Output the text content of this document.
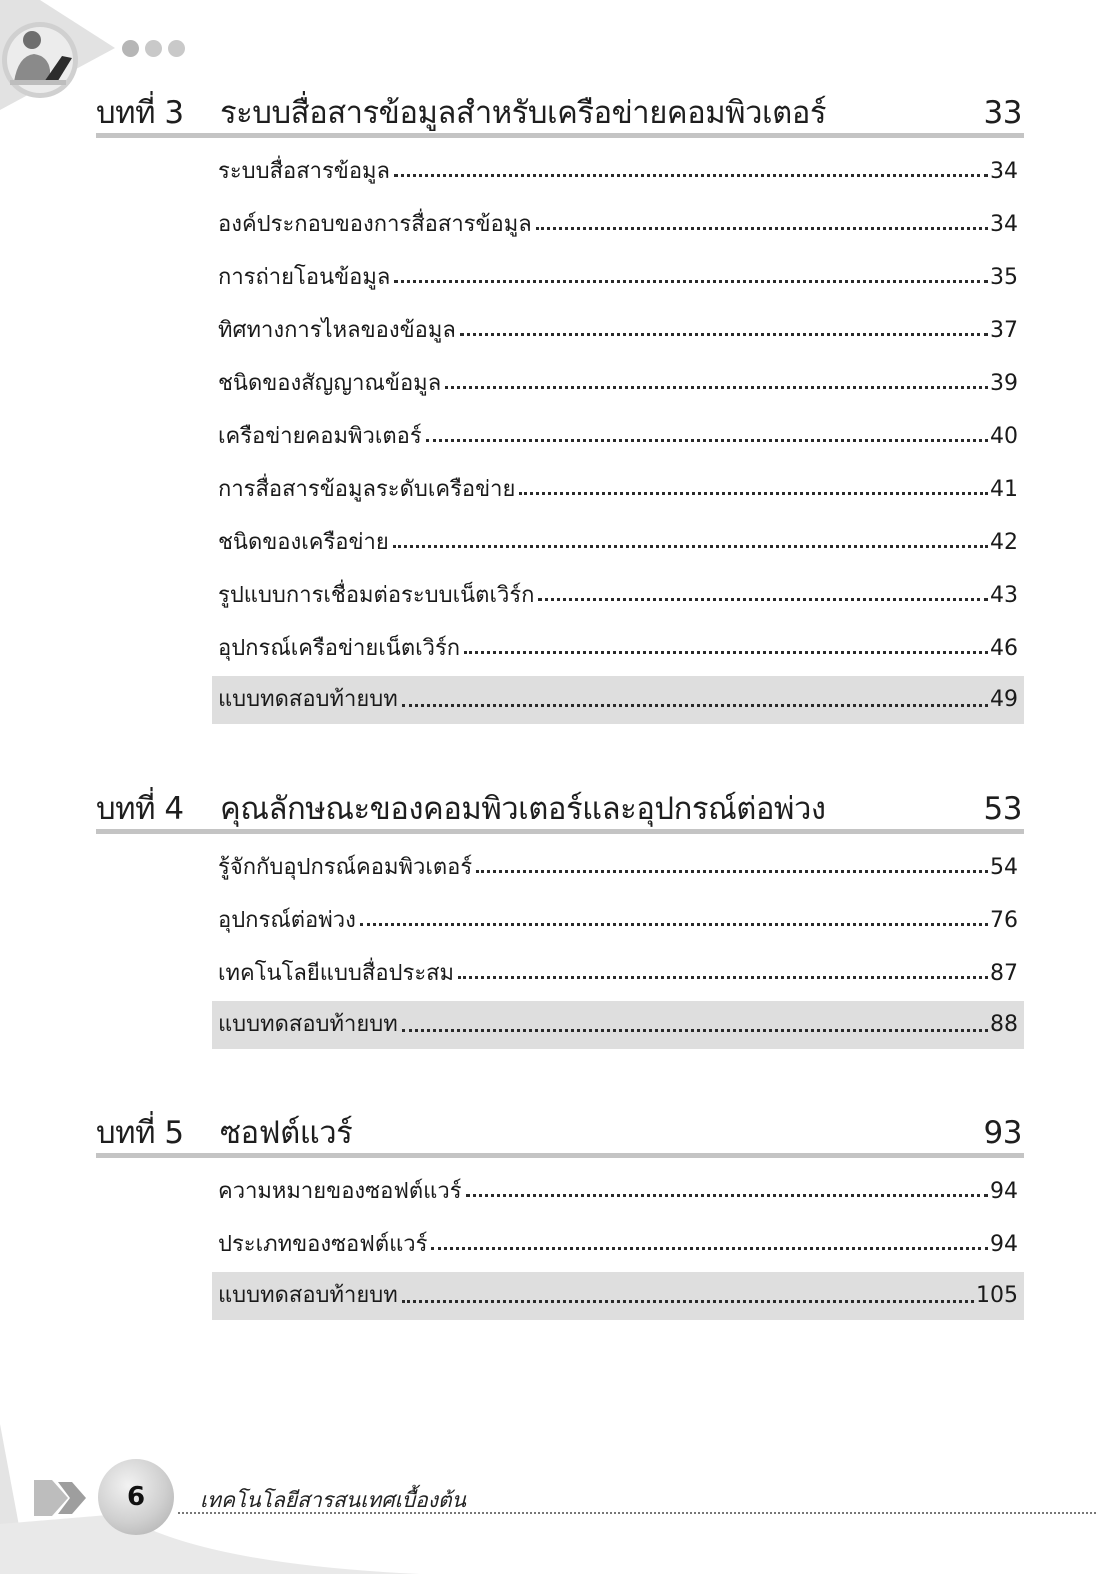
บทที่ 3 ระบบสื่อสารข้อมูลสำหรับเครือข่ายคอมพิวเตอร์	33
ระบบสื่อสารข้อมูล	34
องค์ประกอบของการสื่อสารข้อมูล	34
การถ่ายโอนข้อมูล	35
ทิศทางการไหลของข้อมูล	37
ชนิดของสัญญาณข้อมูล	39
เครือข่ายคอมพิวเตอร์	40
การสื่อสารข้อมูลระดับเครือข่าย	41
ชนิดของเครือข่าย	42
รูปแบบการเชื่อมต่อระบบเน็ตเวิร์ก	43
อุปกรณ์เครือข่ายเน็ตเวิร์ก	46
แบบทดสอบท้ายบท	49
บทที่ 4 คุณลักษณะของคอมพิวเตอร์และอุปกรณ์ต่อพ่วง	53
รู้จักกับอุปกรณ์คอมพิวเตอร์	54
อุปกรณ์ต่อพ่วง	76
เทคโนโลยีแบบสื่อประสม	87
แบบทดสอบท้ายบท	88
บทที่ 5 ซอฟต์แวร์	93
ความหมายของซอฟต์แวร์	94
ประเภทของซอฟต์แวร์	94
แบบทดสอบท้ายบท	105
6	เทคโนโลยีสารสนเทศเบื้องต้น
